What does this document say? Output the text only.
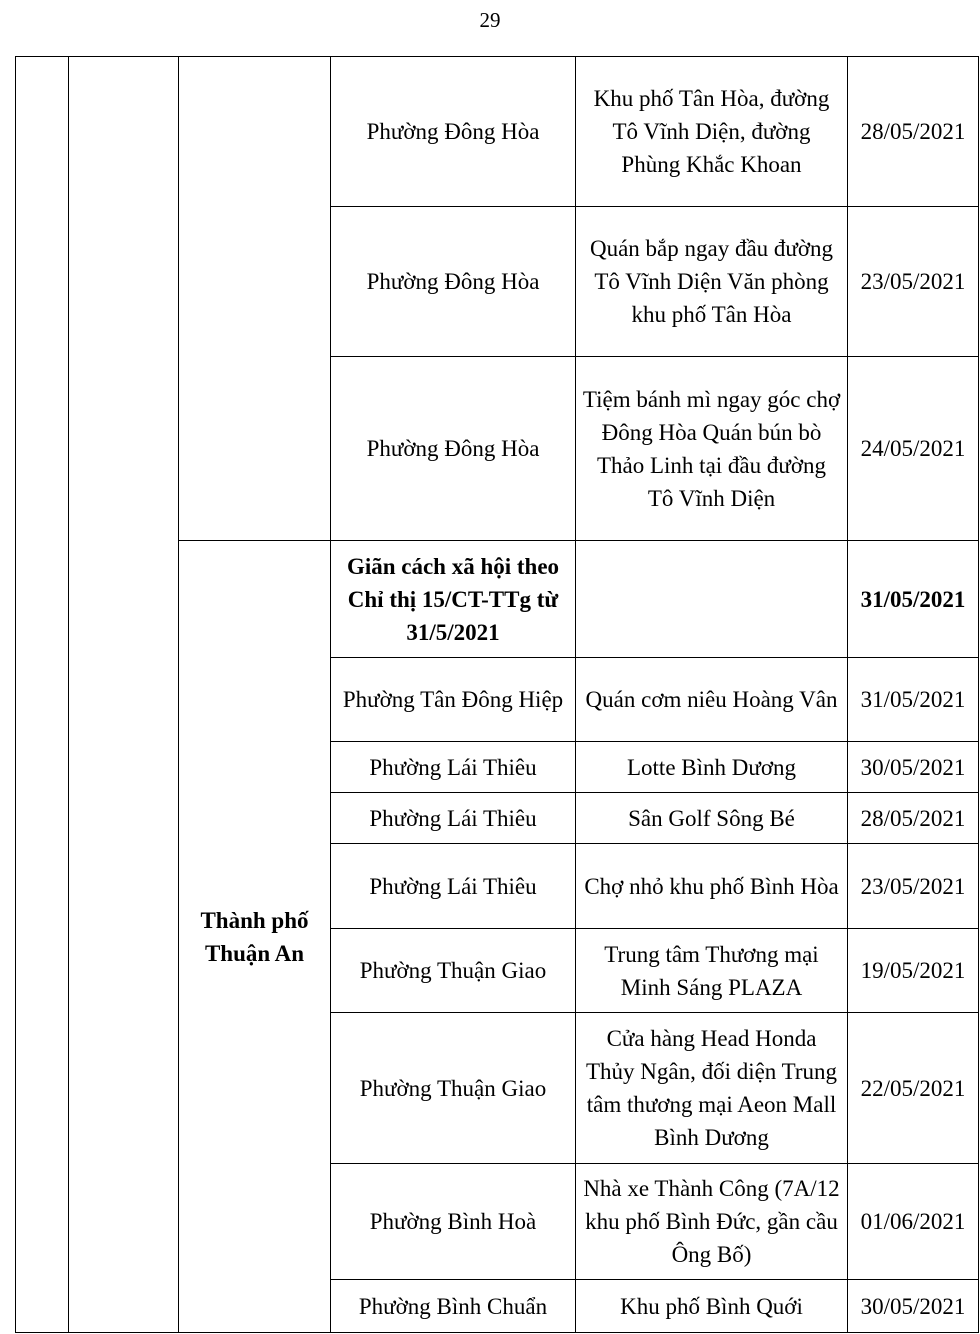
29
			Phường Đông Hòa	Khu phố Tân Hòa, đường Tô Vĩnh Diện, đường Phùng Khắc Khoan	28/05/2021
			Phường Đông Hòa	Quán bắp ngay đầu đường Tô Vĩnh Diện Văn phòng khu phố Tân Hòa	23/05/2021
			Phường Đông Hòa	Tiệm bánh mì ngay góc chợ Đông Hòa Quán bún bò Thảo Linh tại đầu đường Tô Vĩnh Diện	24/05/2021
		Thành phố Thuận An	Giãn cách xã hội theo Chỉ thị 15/CT-TTg từ 31/5/2021		31/05/2021
			Phường Tân Đông Hiệp	Quán cơm niêu Hoàng Vân	31/05/2021
			Phường Lái Thiêu	Lotte Bình Dương	30/05/2021
			Phường Lái Thiêu	Sân Golf Sông Bé	28/05/2021
			Phường Lái Thiêu	Chợ nhỏ khu phố Bình Hòa	23/05/2021
			Phường Thuận Giao	Trung tâm Thương mại Minh Sáng PLAZA	19/05/2021
			Phường Thuận Giao	Cửa hàng Head Honda Thủy Ngân, đối diện Trung tâm thương mại Aeon Mall Bình Dương	22/05/2021
			Phường Bình Hoà	Nhà xe Thành Công (7A/12 khu phố Bình Đức, gần cầu Ông Bố)	01/06/2021
			Phường Bình Chuẩn	Khu phố Bình Quới	30/05/2021
